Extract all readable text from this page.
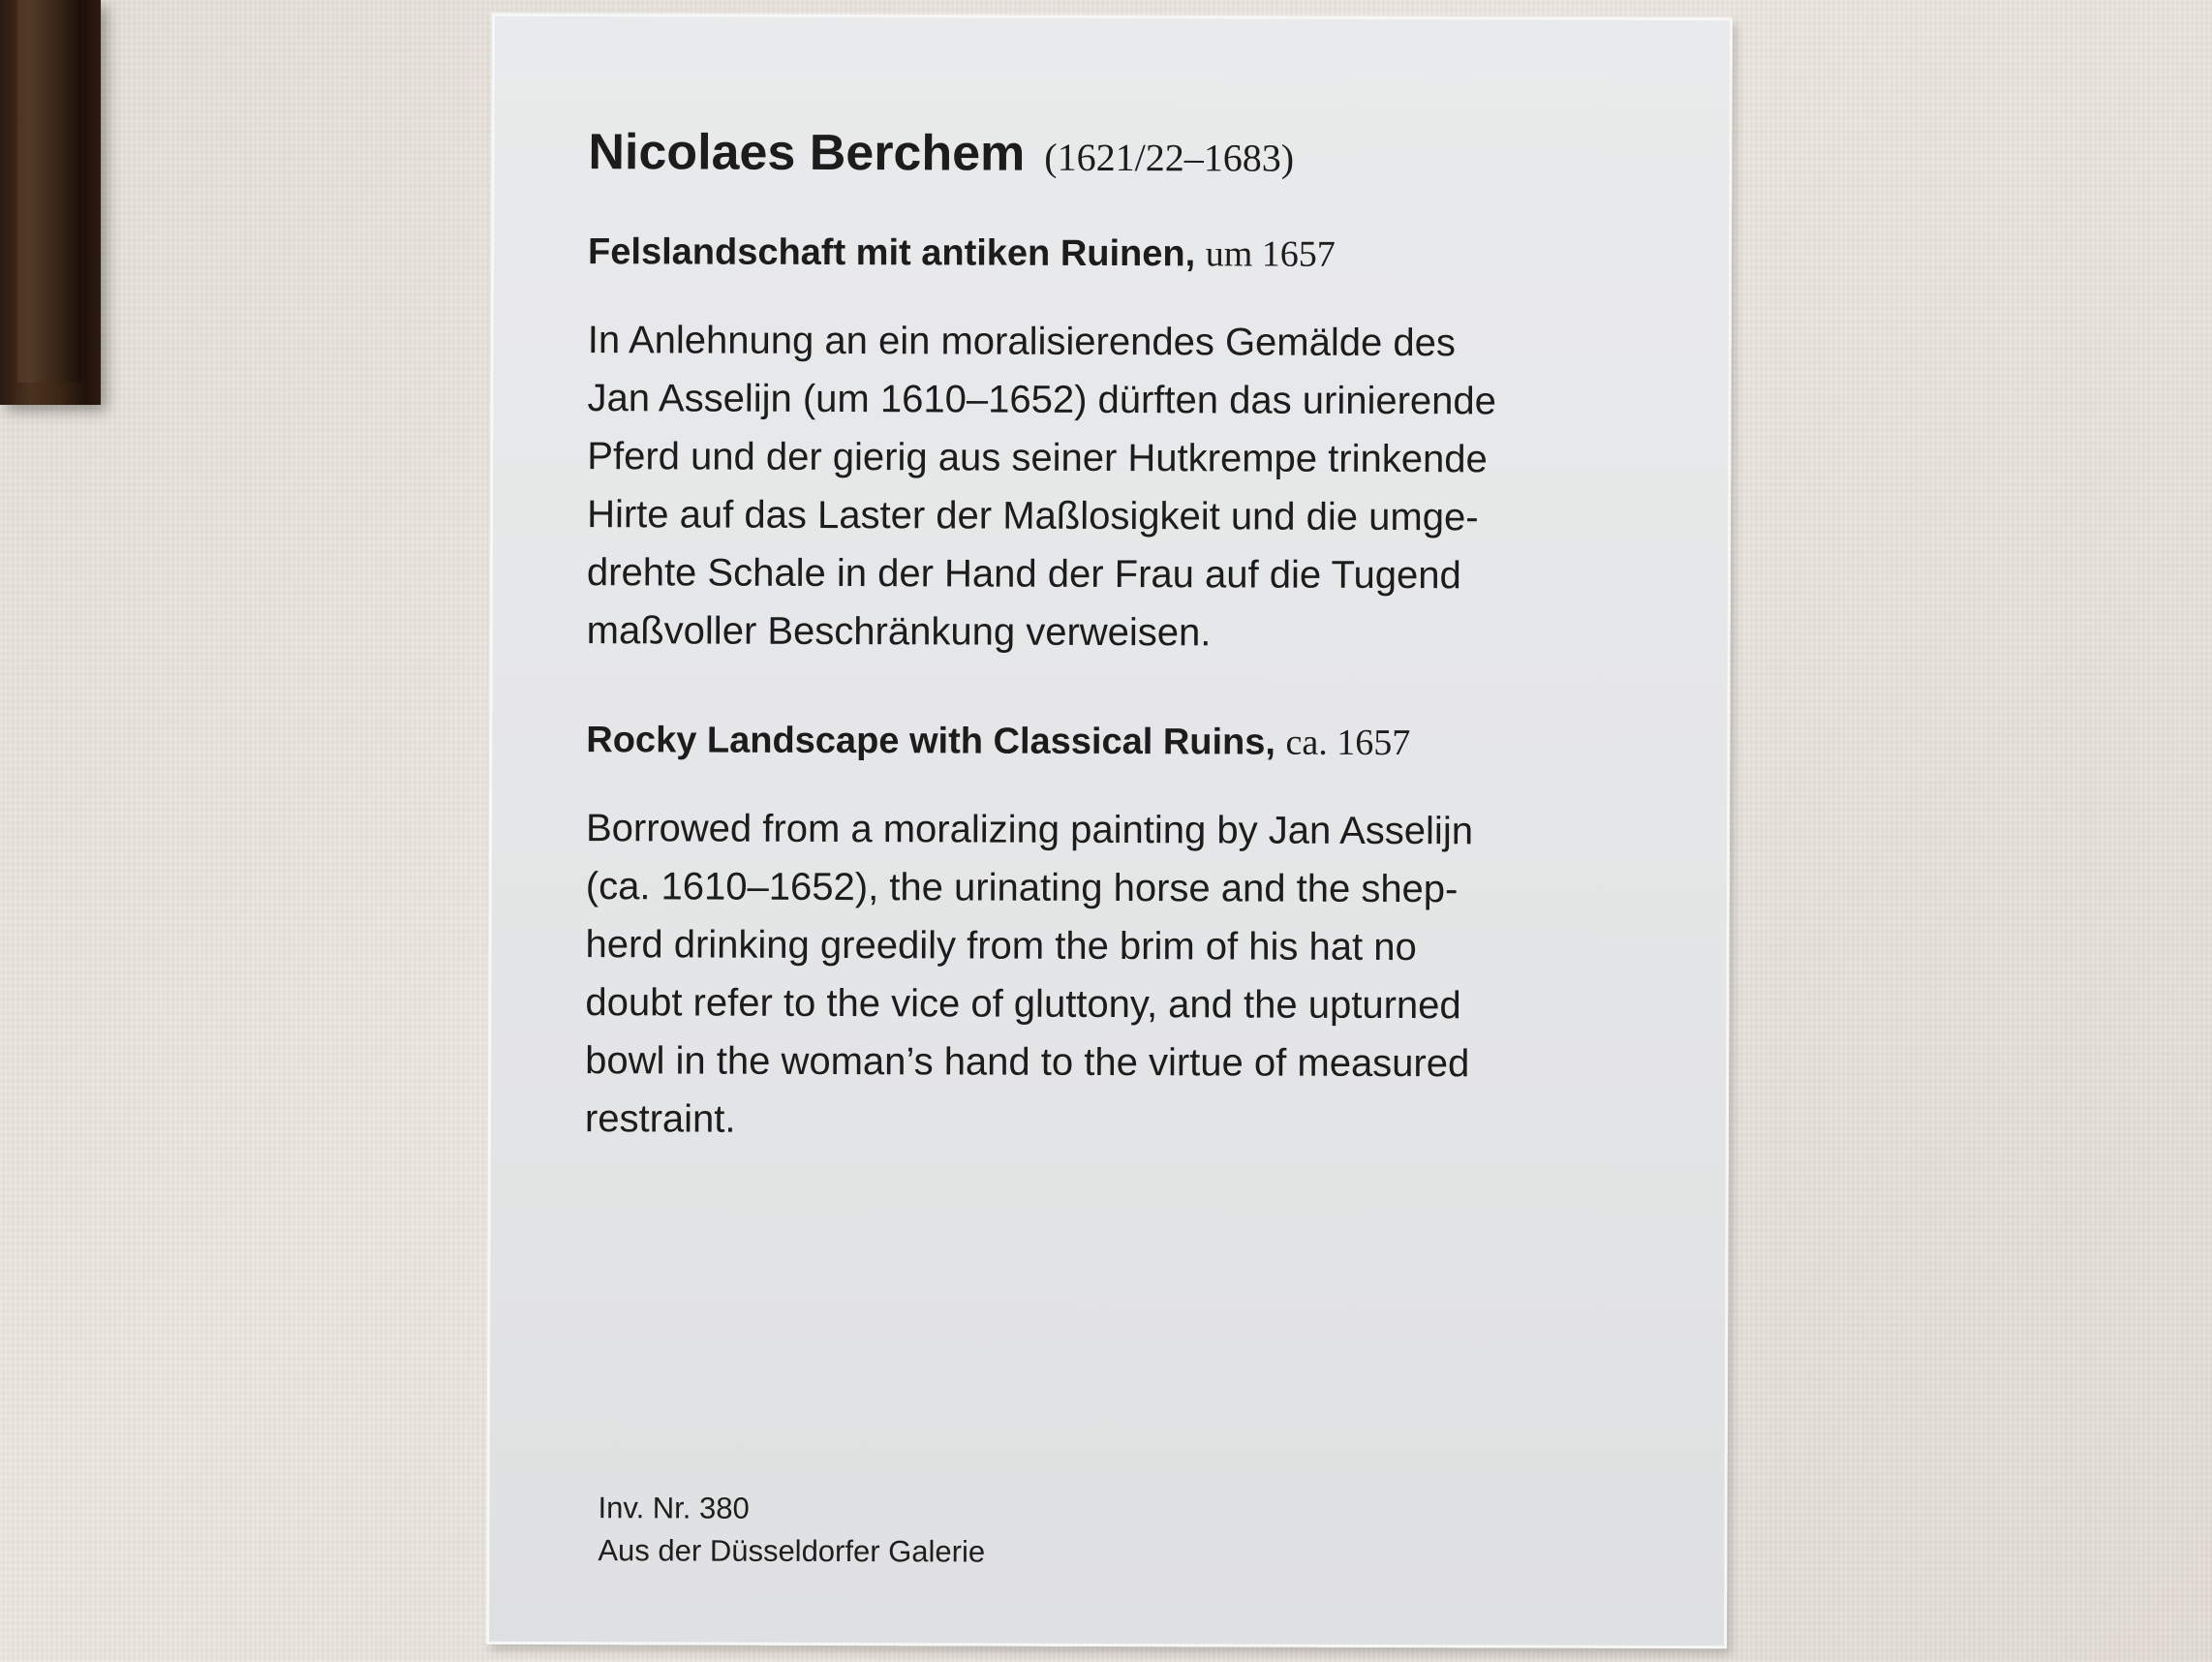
Nicolaes Berchem (1621/22–1683)
Felslandschaft mit antiken Ruinen, um 1657
In Anlehnung an ein moralisierendes Gemälde des
Jan Asselijn (um 1610–1652) dürften das urinierende
Pferd und der gierig aus seiner Hutkrempe trinkende
Hirte auf das Laster der Maßlosigkeit und die umge-
drehte Schale in der Hand der Frau auf die Tugend
maßvoller Beschränkung verweisen.
Rocky Landscape with Classical Ruins, ca. 1657
Borrowed from a moralizing painting by Jan Asselijn
(ca. 1610–1652), the urinating horse and the shep-
herd drinking greedily from the brim of his hat no
doubt refer to the vice of gluttony, and the upturned
bowl in the woman’s hand to the virtue of measured
restraint.
Inv. Nr. 380
Aus der Düsseldorfer Galerie
